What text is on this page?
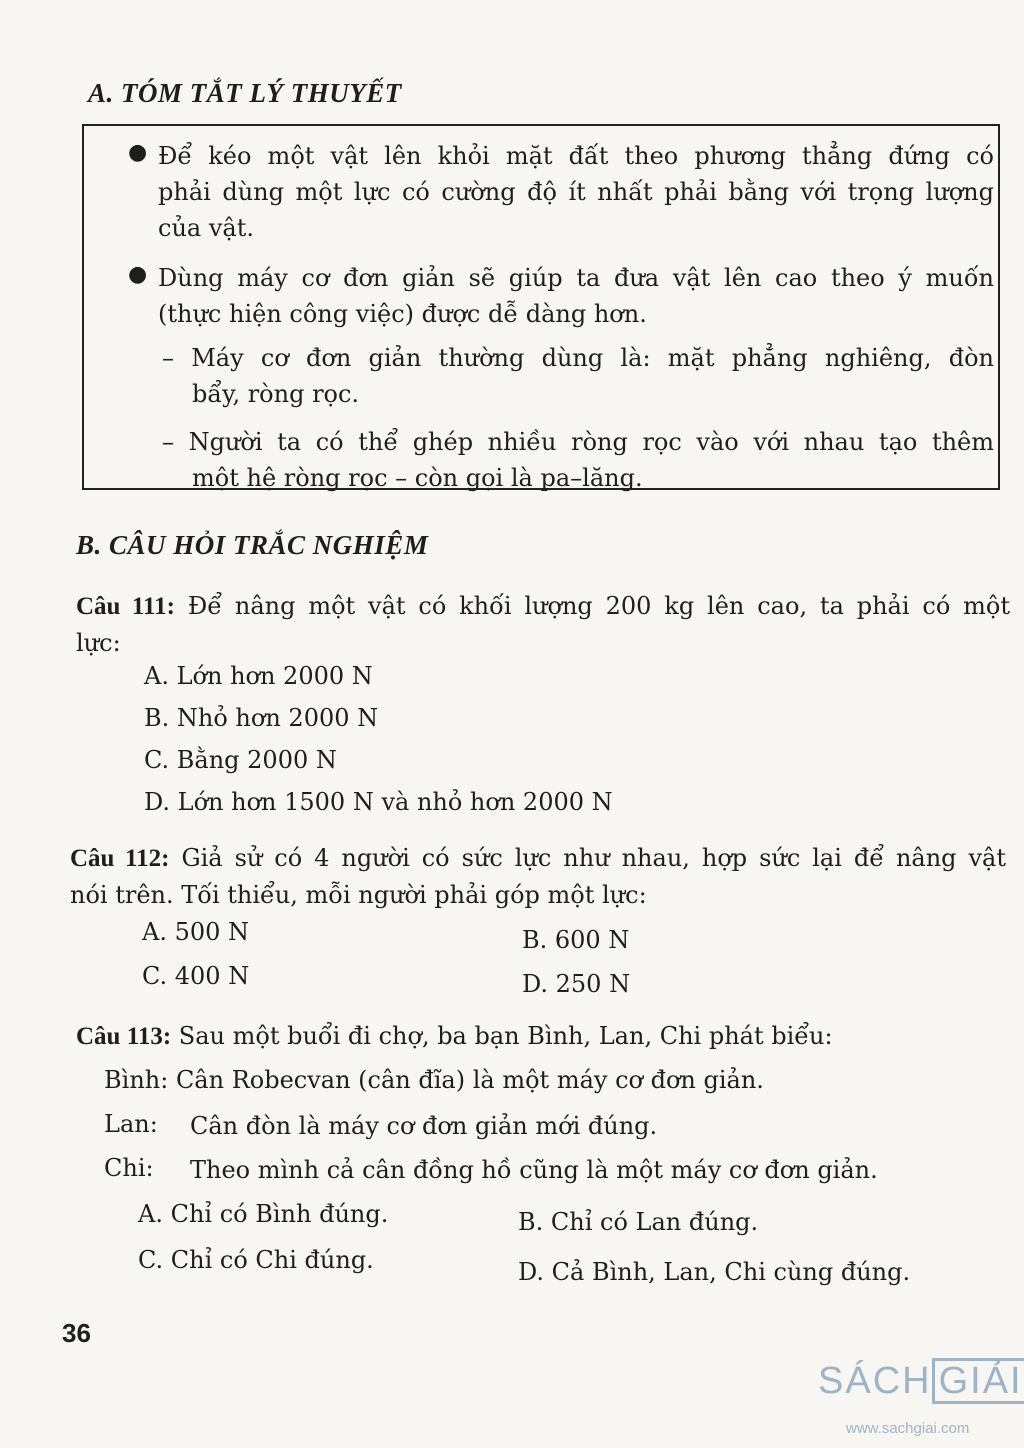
A. TÓM TẮT LÝ THUYẾT
● Để kéo một vật lên khỏi mặt đất theo phương thẳng đứng có
phải dùng một lực có cường độ ít nhất phải bằng với trọng lượng
của vật.
● Dùng máy cơ đơn giản sẽ giúp ta đưa vật lên cao theo ý muốn
(thực hiện công việc) được dễ dàng hơn.
– Máy cơ đơn giản thường dùng là: mặt phẳng nghiêng, đòn
bẩy, ròng rọc.
– Người ta có thể ghép nhiều ròng rọc vào với nhau tạo thêm
một hệ ròng rọc – còn gọi là pa–lăng.
B. CÂU HỎI TRẮC NGHIỆM
Câu 111: Để nâng một vật có khối lượng 200 kg lên cao, ta phải có một
lực:
A. Lớn hơn 2000 N
B. Nhỏ hơn 2000 N
C. Bằng 2000 N
D. Lớn hơn 1500 N và nhỏ hơn 2000 N
Câu 112: Giả sử có 4 người có sức lực như nhau, hợp sức lại để nâng vật
nói trên. Tối thiểu, mỗi người phải góp một lực:
A. 500 N	B. 600 N
C. 400 N	D. 250 N
Câu 113: Sau một buổi đi chợ, ba bạn Bình, Lan, Chi phát biểu:
Bình: Cân Robecvan (cân đĩa) là một máy cơ đơn giản.
Lan: Cân đòn là máy cơ đơn giản mới đúng.
Chi: Theo mình cả cân đồng hồ cũng là một máy cơ đơn giản.
A. Chỉ có Bình đúng.	B. Chỉ có Lan đúng.
C. Chỉ có Chi đúng.	D. Cả Bình, Lan, Chi cùng đúng.
36
SÁCH GIẢI
www.sachgiai.com
